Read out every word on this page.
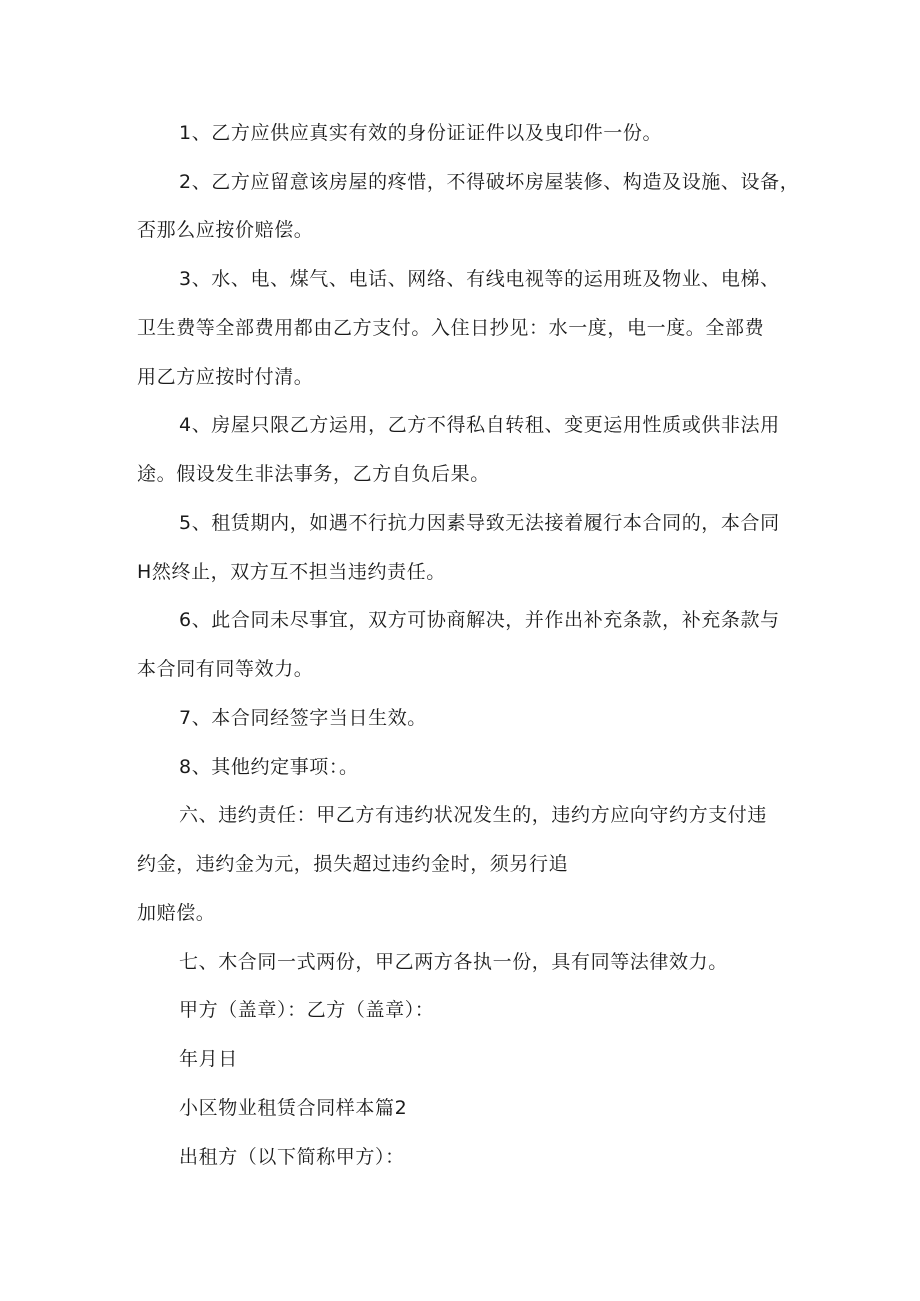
1、乙方应供应真实有效的身份证证件以及曳印件一份。
2、乙方应留意该房屋的疼惜，不得破坏房屋装修、构造及设施、设备，
否那么应按价赔偿。
3、水、电、煤气、电话、网络、有线电视等的运用班及物业、电梯、
卫生费等全部费用都由乙方支付。入住日抄见：水一度，电一度。全部费
用乙方应按时付清。
4、房屋只限乙方运用，乙方不得私自转租、变更运用性质或供非法用
途。假设发生非法事务，乙方自负后果。
5、租赁期内，如遇不行抗力因素导致无法接着履行本合同的，本合同
H然终止，双方互不担当违约责任。
6、此合同未尽事宜，双方可协商解决，并作出补充条款，补充条款与
本合同有同等效力。
7、本合同经签字当日生效。
8、其他约定事项：。
六、违约责任：甲乙方有违约状况发生的，违约方应向守约方支付违
约金，违约金为元，损失超过违约金时，须另行追
加赔偿。
七、木合同一式两份，甲乙两方各执一份，具有同等法律效力。
甲方（盖章）：乙方（盖章）：
年月日
小区物业租赁合同样本篇2
出租方（以下简称甲方）：
